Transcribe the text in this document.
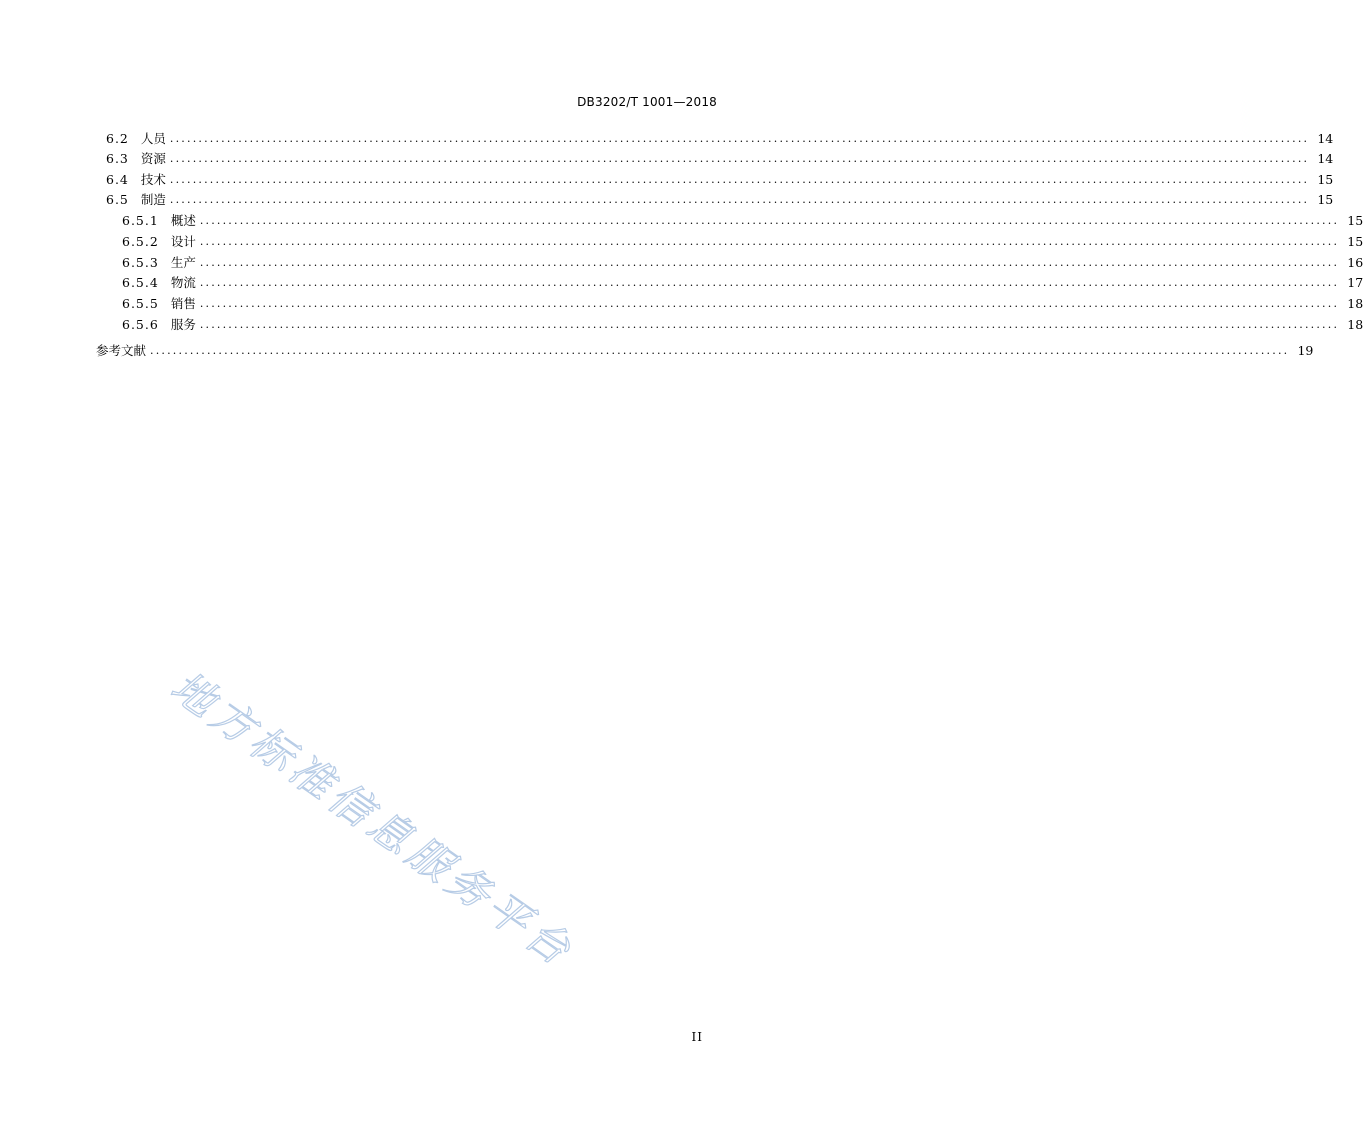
DB3202/T 1001—2018
6.2 人员 ........................................................................................................................................................................................................ 14
6.3 资源 ........................................................................................................................................................................................................ 14
6.4 技术 ........................................................................................................................................................................................................ 15
6.5 制造 ........................................................................................................................................................................................................ 15
6.5.1 概述 ........................................................................................................................................................................................................ 15
6.5.2 设计 ........................................................................................................................................................................................................ 15
6.5.3 生产 ........................................................................................................................................................................................................ 16
6.5.4 物流 ........................................................................................................................................................................................................ 17
6.5.5 销售 ........................................................................................................................................................................................................ 18
6.5.6 服务 ........................................................................................................................................................................................................ 18
参考文献 ........................................................................................................................................................................................................ 19
地方标准信息服务平台
II
